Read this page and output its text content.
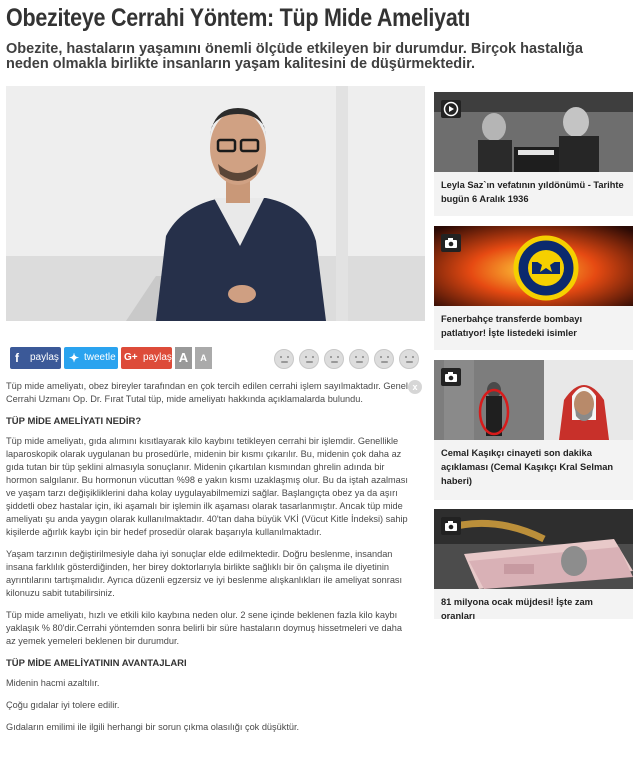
Obeziteye Cerrahi Yöntem: Tüp Mide Ameliyatı
Obezite, hastaların yaşamını önemli ölçüde etkileyen bir durumdur. Birçok hastalığa neden olmakla birlikte insanların yaşam kalitesini de düşürmektedir.
f paylaş ✦ tweetle G+ paylaş A	A

Tüp mide ameliyatı, obez bireyler tarafından en çok tercih edilen cerrahi işlem sayılmaktadır. Genel Cerrahi Uzmanı Op. Dr. Fırat Tutal tüp, mide ameliyatı hakkında açıklamalarda bulundu.

TÜP MİDE AMELİYATI NEDİR?

Tüp mide ameliyatı, gıda alımını kısıtlayarak kilo kaybını tetikleyen cerrahi bir işlemdir. Genellikle laparoskopik olarak uygulanan bu prosedürle, midenin bir kısmı çıkarılır. Bu, midenin çok daha az gıda tutan bir tüp şeklini almasıyla sonuçlanır. Midenin çıkartılan kısmından ghrelin adında bir hormon salgılanır. Bu hormonun vücuttan %98 e yakın kısmı uzaklaşmış olur. Bu da iştah azalması ve yaşam tarzı değişikliklerini daha kolay uygulayabilmemizi sağlar. Başlangıçta obez ya da aşırı şiddetli obez hastalar için, iki aşamalı bir işlemin ilk aşaması olarak tasarlanmıştır. Ancak tüp mide ameliyatı şu anda yaygın olarak kullanılmaktadır. 40'tan daha büyük VKİ (Vücut Kitle İndeksi) sahip kişilerde ağırlık kaybı için bir hedef prosedür olarak başarıyla kullanılmaktadır.

Yaşam tarzının değiştirilmesiyle daha iyi sonuçlar elde edilmektedir. Doğru beslenme, insandan insana farklılık gösterdiğinden, her birey doktorlarıyla birlikte sağlıklı bir ön çalışma ile diyetinin ayrıntılarını tartışmalıdır. Ayrıca düzenli egzersiz ve iyi beslenme alışkanlıkları ile ameliyat sonrası kilonuzu sabit tutabilirsiniz.

Tüp mide ameliyatı, hızlı ve etkili kilo kaybına neden olur. 2 sene içinde beklenen fazla kilo kaybı yaklaşık % 80'dir.Cerrahi yöntemden sonra belirli bir süre hastaların doymuş hissetmeleri ve daha az yemek yemeleri beklenen bir durumdur.

TÜP MİDE AMELİYATININ AVANTAJLARI

Midenin hacmi azaltılır.

Çoğu gıdalar iyi tolere edilir.

Gıdaların emilimi ile ilgili herhangi bir sorun çıkma olasılığı çok düşüktür.

x
Leyla Saz`ın vefatının yıldönümü - Tarihte bugün 6 Aralık 1936
Fenerbahçe transferde bombayı patlatıyor! İşte listedeki isimler
Cemal Kaşıkçı cinayeti son dakika açıklaması (Cemal Kaşıkçı Kral Selman haberi)
81 milyona ocak müjdesi! İşte zam oranları
